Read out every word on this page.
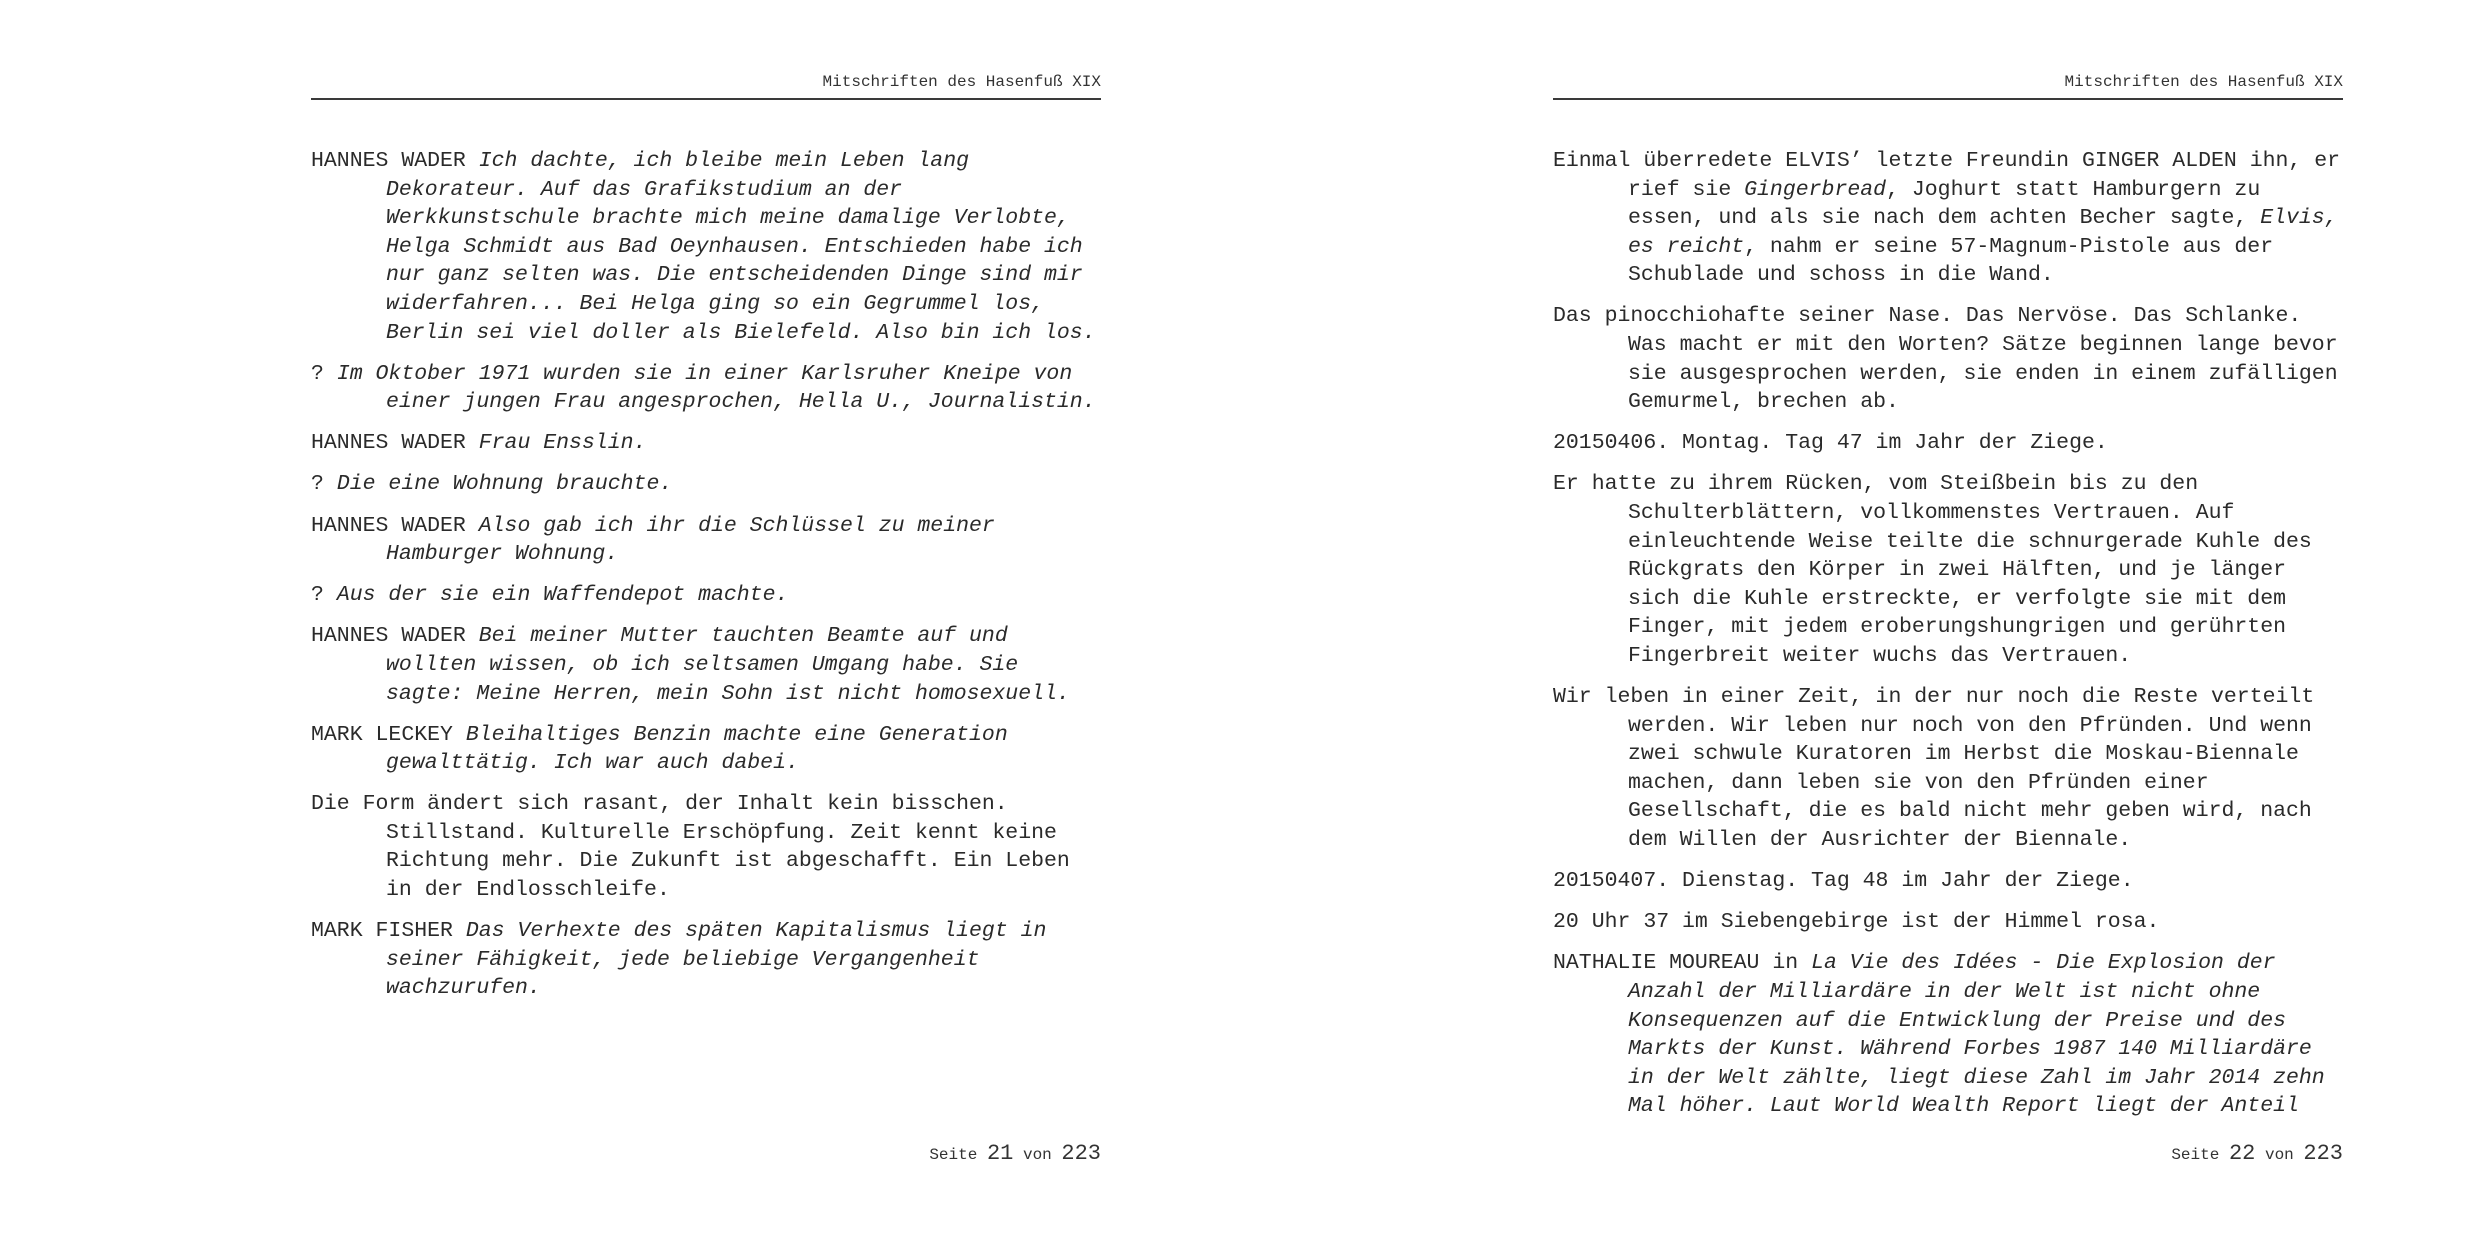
Mitschriften des Hasenfuß XIX

HANNES WADER Ich dachte, ich bleibe mein Leben lang Dekorateur. Auf das Grafikstudium an der Werkkunstschule brachte mich meine damalige Verlobte, Helga Schmidt aus Bad Oeynhausen. Entschieden habe ich nur ganz selten was. Die entscheidenden Dinge sind mir widerfahren... Bei Helga ging so ein Gegrummel los, Berlin sei viel doller als Bielefeld. Also bin ich los.

? Im Oktober 1971 wurden sie in einer Karlsruher Kneipe von einer jungen Frau angesprochen, Hella U., Journalistin.

HANNES WADER Frau Ensslin.

? Die eine Wohnung brauchte.

HANNES WADER Also gab ich ihr die Schlüssel zu meiner Hamburger Wohnung.

? Aus der sie ein Waffendepot machte.

HANNES WADER Bei meiner Mutter tauchten Beamte auf und wollten wissen, ob ich seltsamen Umgang habe. Sie sagte: Meine Herren, mein Sohn ist nicht homosexuell.

MARK LECKEY Bleihaltiges Benzin machte eine Generation gewalttätig. Ich war auch dabei.

Die Form ändert sich rasant, der Inhalt kein bisschen. Stillstand. Kulturelle Erschöpfung. Zeit kennt keine Richtung mehr. Die Zukunft ist abgeschafft. Ein Leben in der Endlosschleife.

MARK FISHER Das Verhexte des späten Kapitalismus liegt in seiner Fähigkeit, jede beliebige Vergangenheit wachzurufen.

Seite 21 von 223
Mitschriften des Hasenfuß XIX

Einmal überredete ELVIS’ letzte Freundin GINGER ALDEN ihn, er rief sie Gingerbread, Joghurt statt Hamburgern zu essen, und als sie nach dem achten Becher sagte, Elvis, es reicht, nahm er seine 57-Magnum-Pistole aus der Schublade und schoss in die Wand.

Das pinocchiohafte seiner Nase. Das Nervöse. Das Schlanke. Was macht er mit den Worten? Sätze beginnen lange bevor sie ausgesprochen werden, sie enden in einem zufälligen Gemurmel, brechen ab.

20150406. Montag. Tag 47 im Jahr der Ziege.

Er hatte zu ihrem Rücken, vom Steißbein bis zu den Schulterblättern, vollkommenstes Vertrauen. Auf einleuchtende Weise teilte die schnurgerade Kuhle des Rückgrats den Körper in zwei Hälften, und je länger sich die Kuhle erstreckte, er verfolgte sie mit dem Finger, mit jedem eroberungshungrigen und gerührten Fingerbreit weiter wuchs das Vertrauen.

Wir leben in einer Zeit, in der nur noch die Reste verteilt werden. Wir leben nur noch von den Pfründen. Und wenn zwei schwule Kuratoren im Herbst die Moskau-Biennale machen, dann leben sie von den Pfründen einer Gesellschaft, die es bald nicht mehr geben wird, nach dem Willen der Ausrichter der Biennale.

20150407. Dienstag. Tag 48 im Jahr der Ziege.

20 Uhr 37 im Siebengebirge ist der Himmel rosa.

NATHALIE MOUREAU in La Vie des Idées - Die Explosion der Anzahl der Milliardäre in der Welt ist nicht ohne Konsequenzen auf die Entwicklung der Preise und des Markts der Kunst. Während Forbes 1987 140 Milliardäre in der Welt zählte, liegt diese Zahl im Jahr 2014 zehn Mal höher. Laut World Wealth Report liegt der Anteil

Seite 22 von 223
